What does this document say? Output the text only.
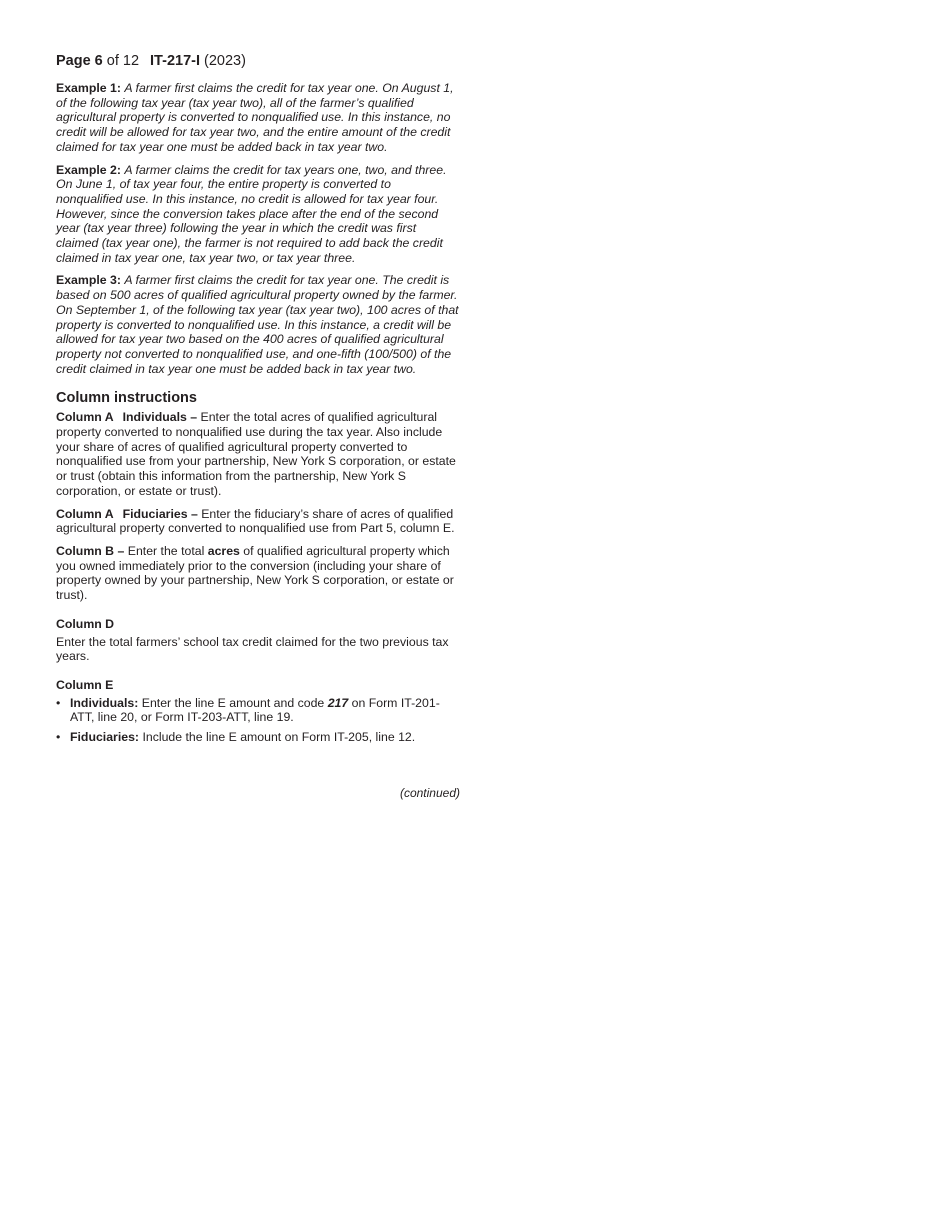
Page 6 of 12 IT-217-I (2023)

Example 1: A farmer first claims the credit for tax year one. On August 1, of the following tax year (tax year two), all of the farmer’s qualified agricultural property is converted to nonqualified use. In this instance, no credit will be allowed for tax year two, and the entire amount of the credit claimed for tax year one must be added back in tax year two.

Example 2: A farmer claims the credit for tax years one, two, and three. On June 1, of tax year four, the entire property is converted to nonqualified use. In this instance, no credit is allowed for tax year four. However, since the conversion takes place after the end of the second year (tax year three) following the year in which the credit was first claimed (tax year one), the farmer is not required to add back the credit claimed in tax year one, tax year two, or tax year three.

Example 3: A farmer first claims the credit for tax year one. The credit is based on 500 acres of qualified agricultural property owned by the farmer. On September 1, of the following tax year (tax year two), 100 acres of that property is converted to nonqualified use. In this instance, a credit will be allowed for tax year two based on the 400 acres of qualified agricultural property not converted to nonqualified use, and one-fifth (100/500) of the credit claimed in tax year one must be added back in tax year two.

Column instructions

Column A Individuals – Enter the total acres of qualified agricultural property converted to nonqualified use during the tax year. Also include your share of acres of qualified agricultural property converted to nonqualified use from your partnership, New York S corporation, or estate or trust (obtain this information from the partnership, New York S corporation, or estate or trust).

Column A Fiduciaries – Enter the fiduciary’s share of acres of qualified agricultural property converted to nonqualified use from Part 5, column E.

Column B – Enter the total acres of qualified agricultural property which you owned immediately prior to the conversion (including your share of property owned by your partnership, New York S corporation, or estate or trust).

Column D

Enter the total farmers’ school tax credit claimed for the two previous tax years.

Column E
• Individuals: Enter the line E amount and code 217 on Form IT-201-ATT, line 20, or Form IT-203-ATT, line 19.
• Fiduciaries: Include the line E amount on Form IT-205, line 12.
(continued)
